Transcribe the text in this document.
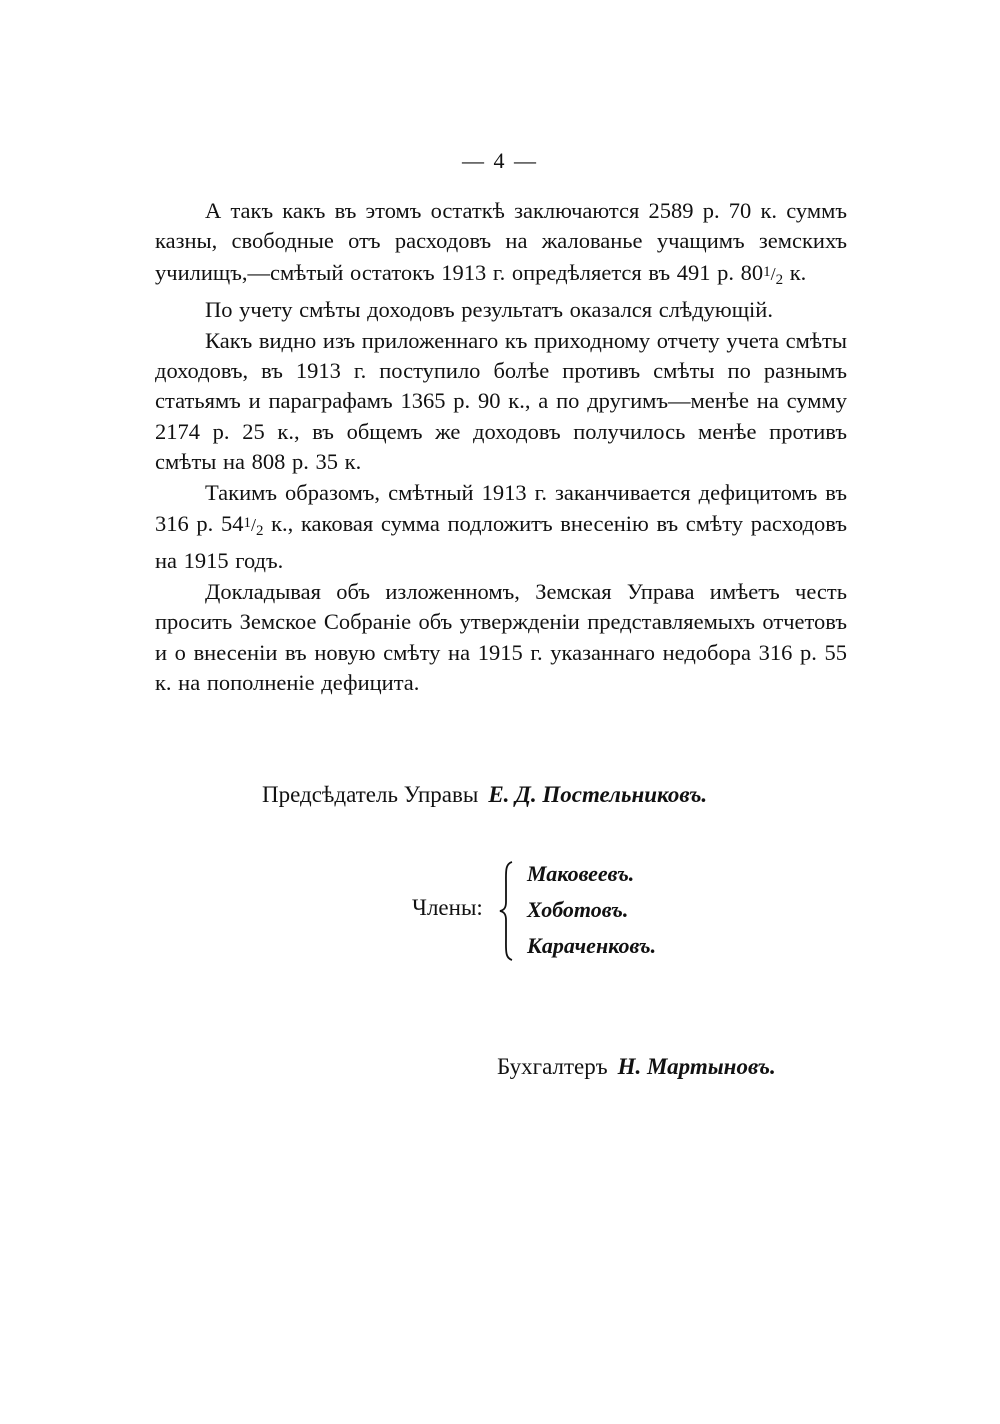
— 4 —

А такъ какъ въ этомъ остаткѣ заключаются 2589 р. 70 к. суммъ казны, свободные отъ расходовъ на жалованье учащимъ земскихъ училищъ,—смѣтый остатокъ 1913 г. опредѣляется въ 491 р. 801/2 к.

По учету смѣты доходовъ результатъ оказался слѣдующій.

Какъ видно изъ приложеннаго къ приходному отчету учета смѣты доходовъ, въ 1913 г. поступило болѣе противъ смѣты по разнымъ статьямъ и параграфамъ 1365 р. 90 к., а по другимъ—менѣе на сумму 2174 р. 25 к., въ общемъ же доходовъ получилось менѣе противъ смѣты на 808 р. 35 к.

Такимъ образомъ, смѣтный 1913 г. заканчивается дефицитомъ въ 316 р. 541/2 к., каковая сумма подложитъ внесенію въ смѣту расходовъ на 1915 годъ.

Докладывая объ изложенномъ, Земская Управа имѣетъ честь просить Земское Собраніе объ утвержденіи представляемыхъ отчетовъ и о внесеніи въ новую смѣту на 1915 г. указаннаго недобора 316 р. 55 к. на пополненіе дефицита.

Предсѣдатель Управы Е. Д. Постельниковъ.
Члены:
Маковеевъ.
Хоботовъ.
Караченковъ.
Бухгалтеръ Н. Мартыновъ.
